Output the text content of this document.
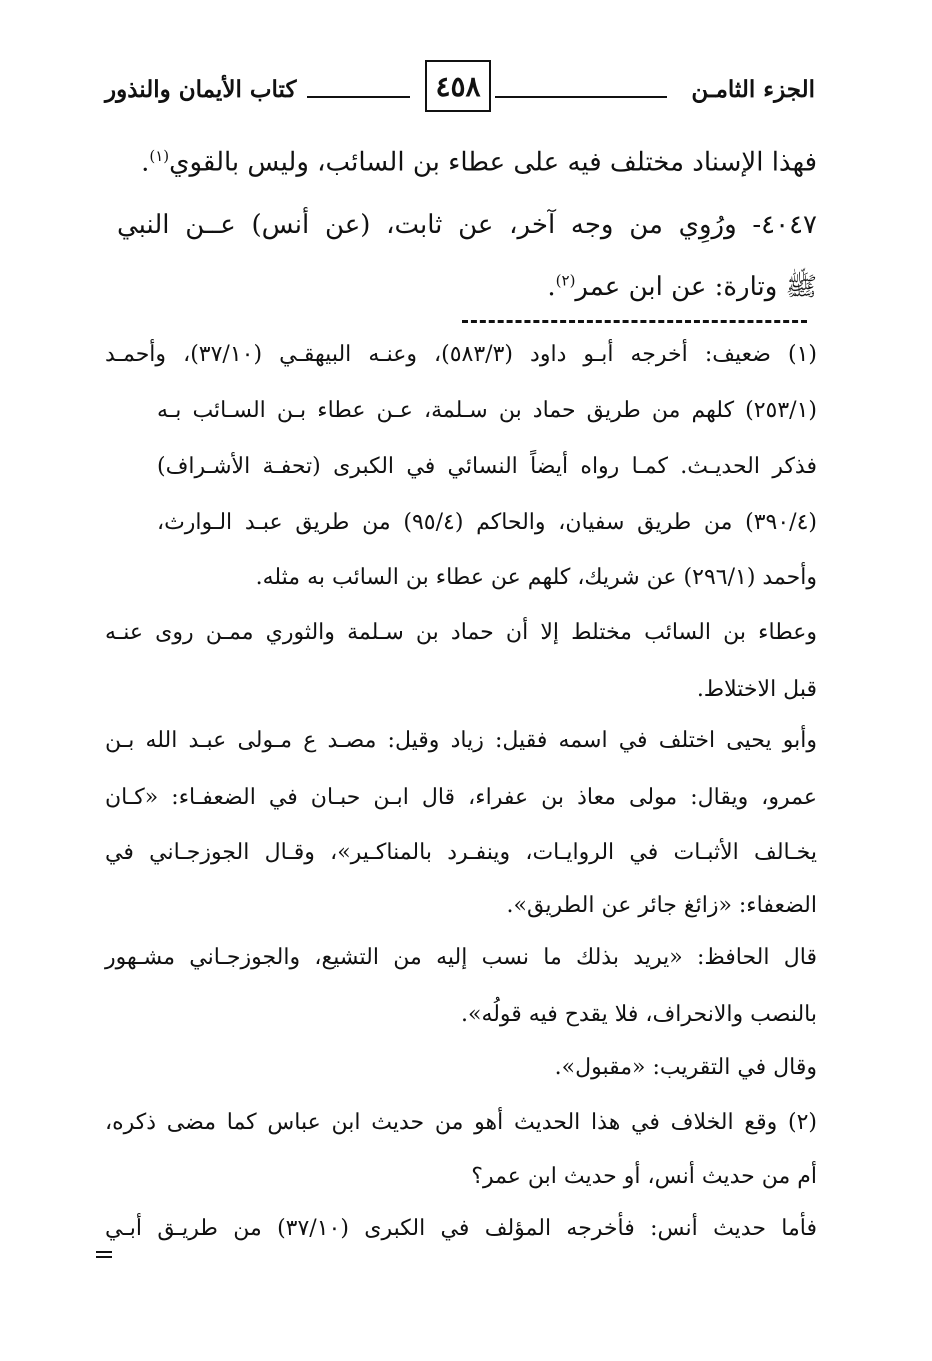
الجزء الثامـن
٤٥٨
كتاب الأيمان والنذور
فهذا الإسناد مختلف فيه على عطاء بن السائب، وليس بالقوي$^{(١)}$.
٤٠٤٧- ورُوِي من وجه آخر، عن ثابت، (عن أنس) عــن النبي
ﷺ وتارة: عن ابن عمر$^{(٢)}$.
(١) ضعيف: أخرجه أبـو داود (٥٨٣/٣)، وعنـه البيهقـي (٣٧/١٠)، وأحمـد
(٢٥٣/١) كلهم من طريق حماد بن سـلمة، عـن عطاء بـن السـائب بـه
فذكر الحديـث. كمـا رواه أيضاً النسائي في الكبرى (تحفـة الأشـراف)
(٣٩٠/٤) من طريق سفيان، والحاكم (٩٥/٤) من طريق عبـد الـوارث،
وأحمد (٢٩٦/١) عن شريك، كلهم عن عطاء بن السائب به مثله.
وعطاء بن السائب مختلط إلا أن حماد بن سـلمة والثوري ممـن روى عنـه
قبل الاختلاط.
وأبو يحيى اختلف في اسمه فقيل: زياد وقيل: مصـد ع مـولى عبـد الله بـن
عمرو، ويقال: مولى معاذ بن عفراء، قال ابـن حبـان في الضعفـاء: «كـان
يخـالف الأثبـات في الروايـات، وينفـرد بالمناكـير»، وقـال الجوزجـاني في
الضعفاء: «زائغ جائر عن الطريق».
قال الحافظ: «يريد بذلك ما نسب إليه من التشيع، والجوزجـاني مشـهور
بالنصب والانحراف، فلا يقدح فيه قولُه».
وقال في التقريب: «مقبول».
(٢) وقع الخلاف في هذا الحديث أهو من حديث ابن عباس كما مضى ذكره،
أم من حديث أنس، أو حديث ابن عمر؟
فأما حديث أنس: فأخرجه المؤلف في الكبرى (٣٧/١٠) من طريـق أبـي
